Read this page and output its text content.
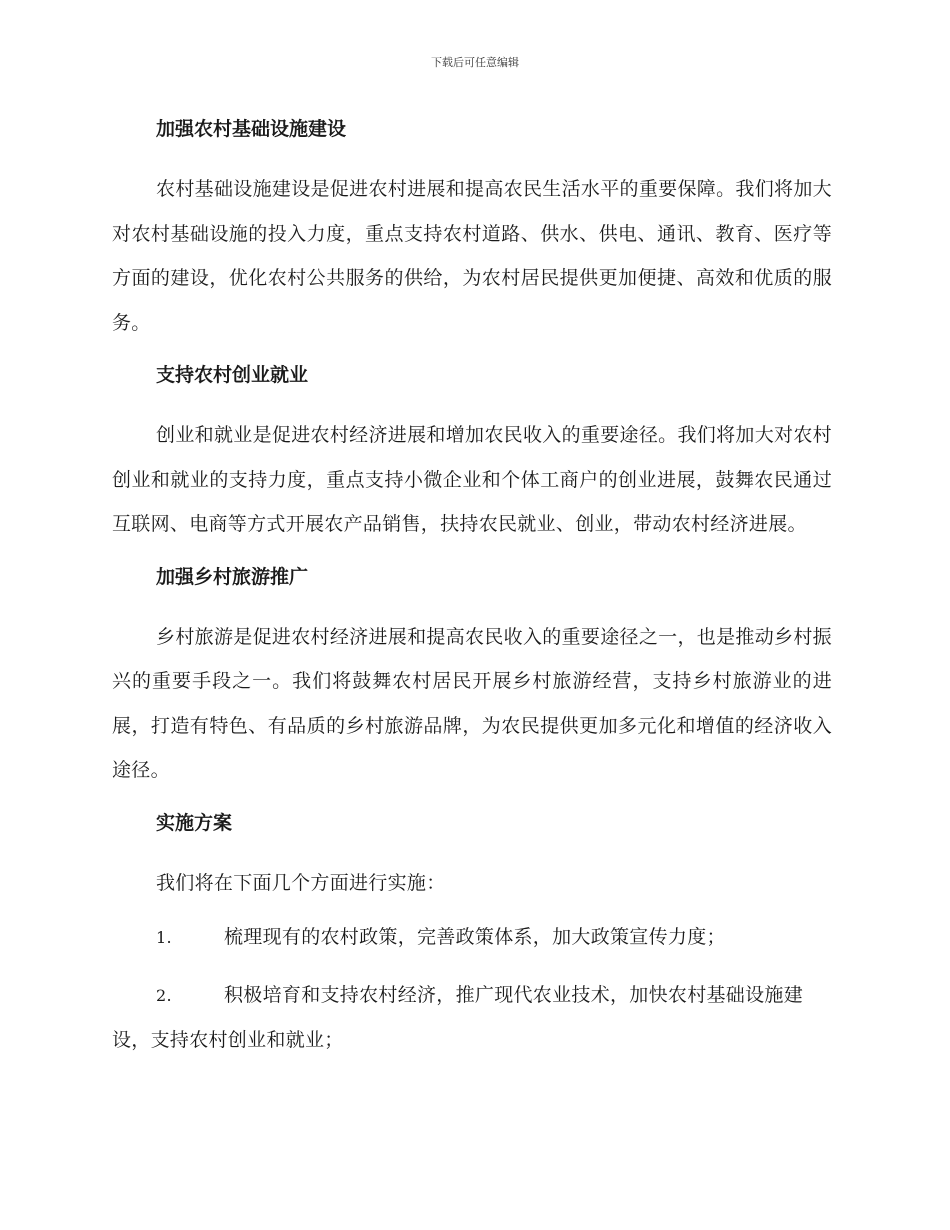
下载后可任意编辑
加强农村基础设施建设

农村基础设施建设是促进农村进展和提高农民生活水平的重要保障。我们将加大对农村基础设施的投入力度，重点支持农村道路、供水、供电、通讯、教育、医疗等方面的建设，优化农村公共服务的供给，为农村居民提供更加便捷、高效和优质的服务。

支持农村创业就业

创业和就业是促进农村经济进展和增加农民收入的重要途径。我们将加大对农村创业和就业的支持力度，重点支持小微企业和个体工商户的创业进展，鼓舞农民通过互联网、电商等方式开展农产品销售，扶持农民就业、创业，带动农村经济进展。

加强乡村旅游推广

乡村旅游是促进农村经济进展和提高农民收入的重要途径之一，也是推动乡村振兴的重要手段之一。我们将鼓舞农村居民开展乡村旅游经营，支持乡村旅游业的进展，打造有特色、有品质的乡村旅游品牌，为农民提供更加多元化和增值的经济收入途径。

实施方案

我们将在下面几个方面进行实施：

1.	梳理现有的农村政策，完善政策体系，加大政策宣传力度；

2.	积极培育和支持农村经济，推广现代农业技术，加快农村基础设施建设，支持农村创业和就业；
